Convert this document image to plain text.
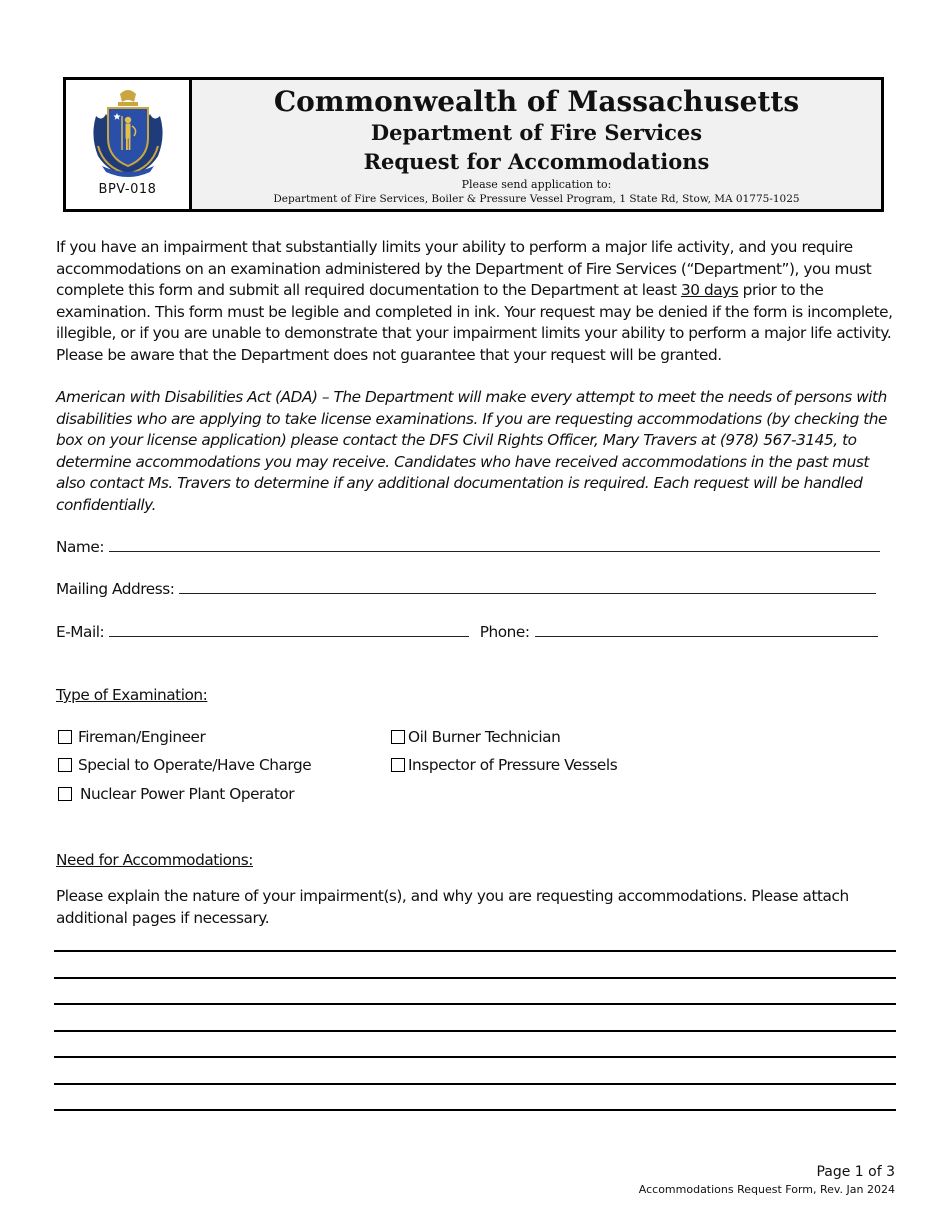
BPV-018
Commonwealth of Massachusetts
Department of Fire Services
Request for Accommodations
Please send application to:
Department of Fire Services, Boiler & Pressure Vessel Program, 1 State Rd, Stow, MA 01775-1025
If you have an impairment that substantially limits your ability to perform a major life activity, and you require accommodations on an examination administered by the Department of Fire Services (“Department”), you must complete this form and submit all required documentation to the Department at least 30 days prior to the examination. This form must be legible and completed in ink. Your request may be denied if the form is incomplete, illegible, or if you are unable to demonstrate that your impairment limits your ability to perform a major life activity. Please be aware that the Department does not guarantee that your request will be granted.
American with Disabilities Act (ADA) – The Department will make every attempt to meet the needs of persons with disabilities who are applying to take license examinations. If you are requesting accommodations (by checking the box on your license application) please contact the DFS Civil Rights Officer, Mary Travers at (978) 567-3145, to determine accommodations you may receive. Candidates who have received accommodations in the past must also contact Ms. Travers to determine if any additional documentation is required. Each request will be handled confidentially.
Name:
Mailing Address:
E-Mail:	Phone:
Type of Examination:
Fireman/Engineer
Special to Operate/Have Charge
Nuclear Power Plant Operator
Oil Burner Technician
Inspector of Pressure Vessels
Need for Accommodations:
Please explain the nature of your impairment(s), and why you are requesting accommodations. Please attach additional pages if necessary.
Page 1 of 3
Accommodations Request Form, Rev. Jan 2024
